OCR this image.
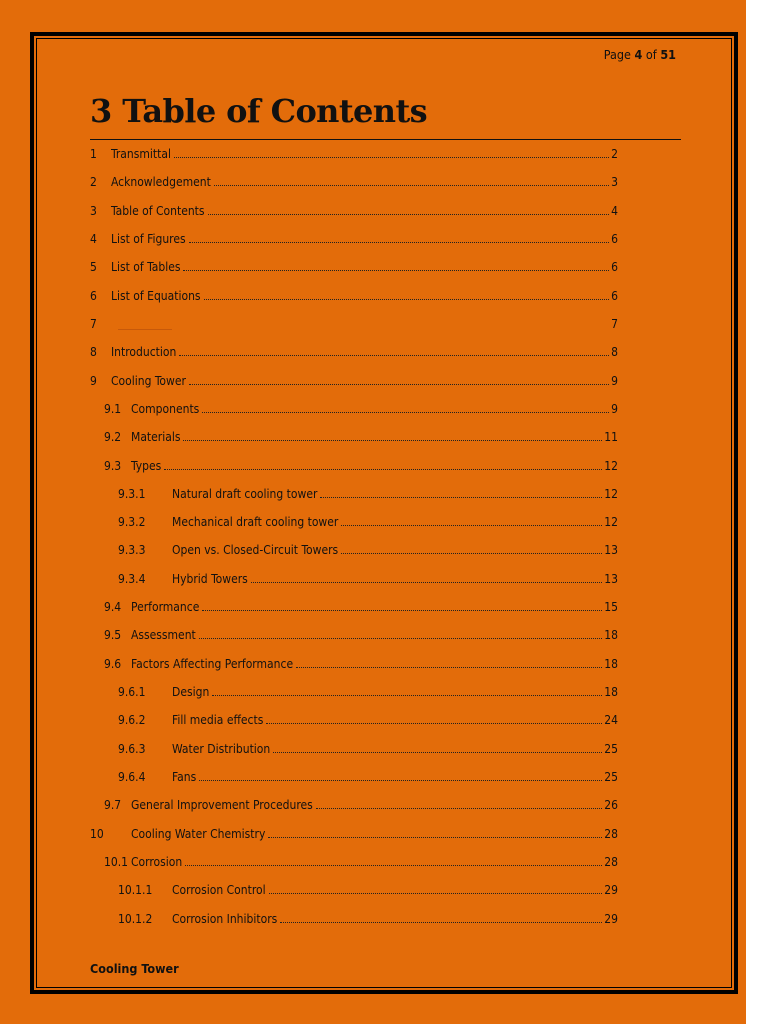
Page 4 of 51
3 Table of Contents
1	Transmittal	2
2	Acknowledgement	3
3	Table of Contents	4
4	List of Figures	6
5	List of Tables	6
6	List of Equations	6
7	7
8	Introduction	8
9	Cooling Tower	9
9.1 Components	9
9.2 Materials	11
9.3 Types	12
9.3.1	Natural draft cooling tower	12
9.3.2	Mechanical draft cooling tower	12
9.3.3	Open vs. Closed-Circuit Towers	13
9.3.4	Hybrid Towers	13
9.4 Performance	15
9.5 Assessment	18
9.6 Factors Affecting Performance	18
9.6.1	Design	18
9.6.2	Fill media effects	24
9.6.3	Water Distribution	25
9.6.4	Fans	25
9.7 General Improvement Procedures	26
10	Cooling Water Chemistry	28
10.1 Corrosion	28
10.1.1	Corrosion Control	29
10.1.2	Corrosion Inhibitors	29
Cooling Tower
